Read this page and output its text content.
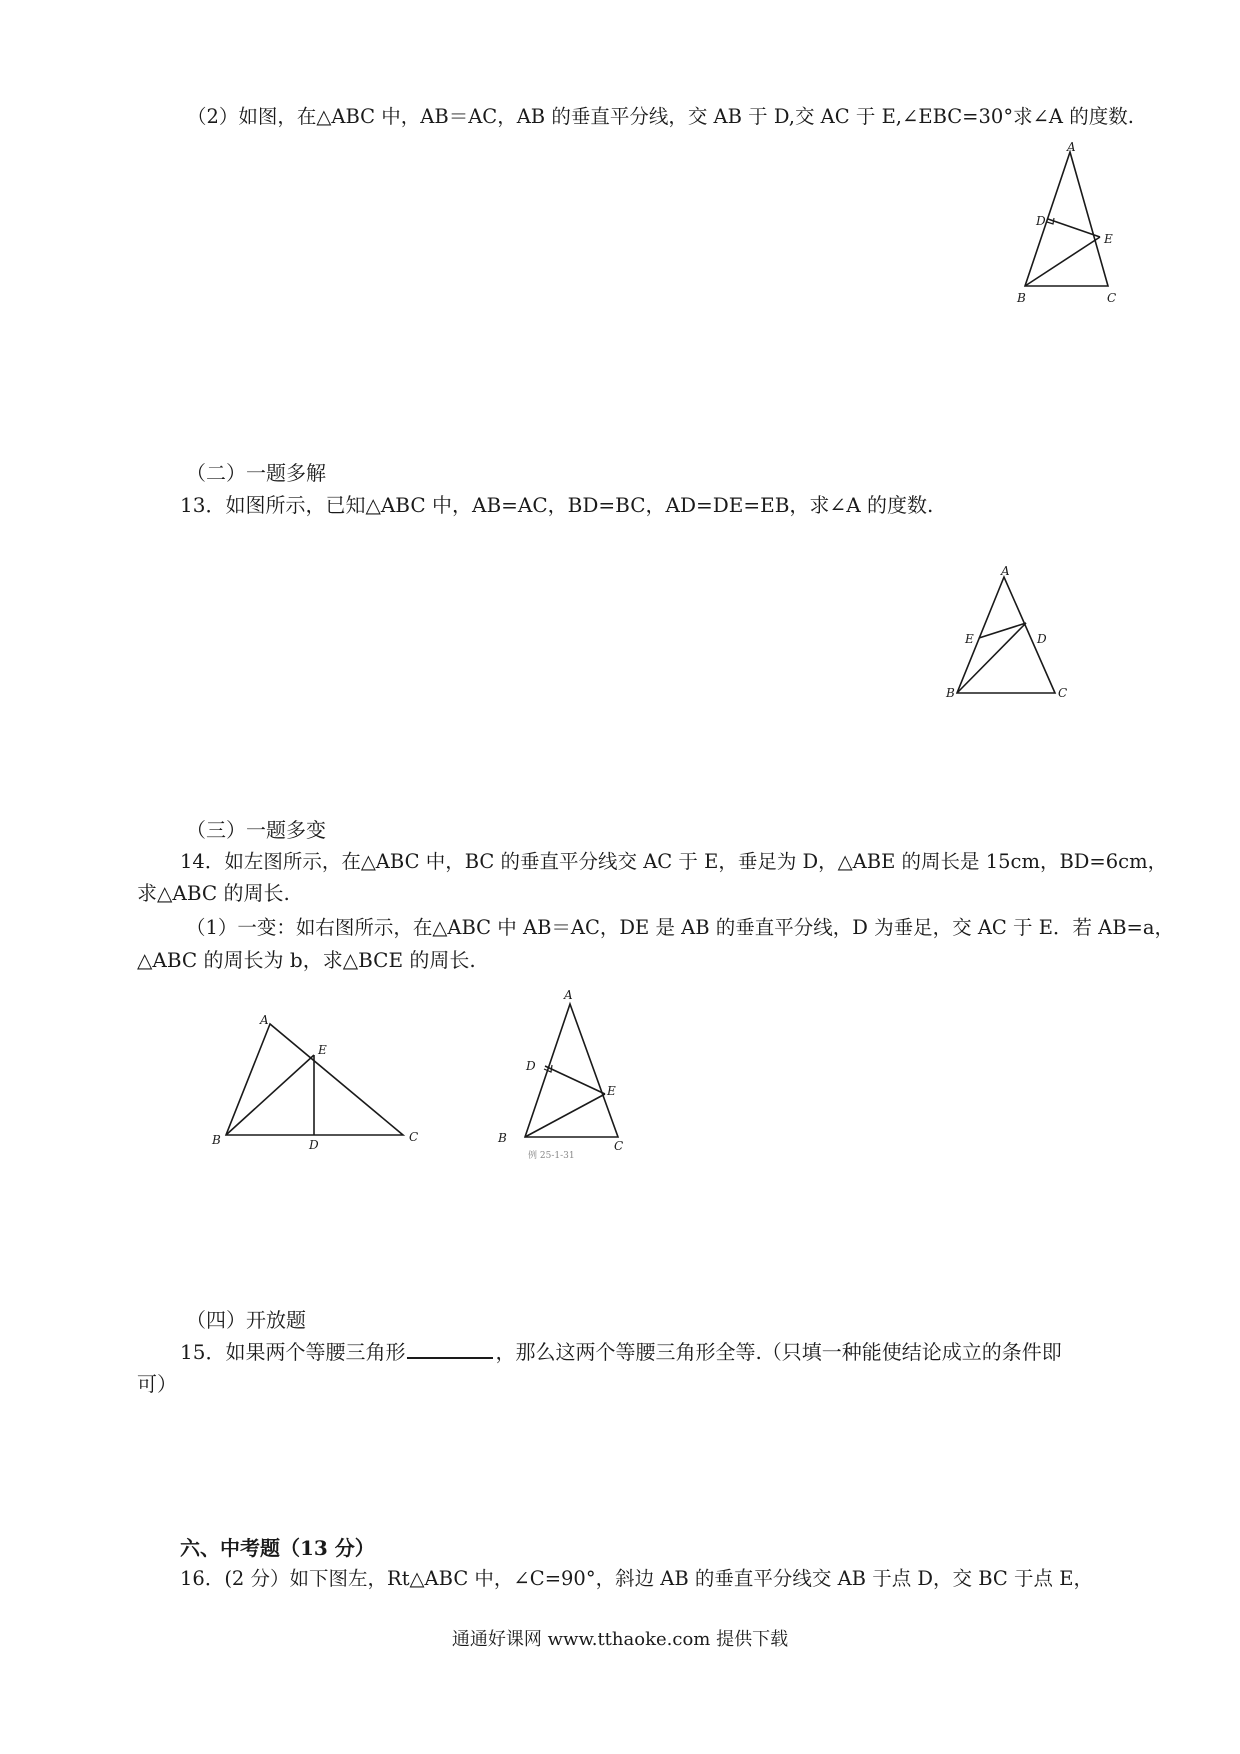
（2）如图，在△ABC 中，AB＝AC，AB 的垂直平分线，交 AB 于 D,交 AC 于 E,∠EBC=30°求∠A 的度数.
A
D
E
B	C
（二）一题多解
13．如图所示，已知△ABC 中，AB=AC，BD=BC，AD=DE=EB，求∠A 的度数.
A
E	D
B	C
（三）一题多变
14．如左图所示，在△ABC 中，BC 的垂直平分线交 AC 于 E，垂足为 D，△ABE 的周长是 15cm，BD=6cm，
求△ABC 的周长.
（1）一变：如右图所示，在△ABC 中 AB＝AC，DE 是 AB 的垂直平分线，D 为垂足，交 AC 于 E．若 AB=a，
△ABC 的周长为 b，求△BCE 的周长.
A
E
B	D
C
A
D
E
B
C
例 25-1-31
（四）开放题
15．如果两个等腰三角形	，那么这两个等腰三角形全等.（只填一种能使结论成立的条件即
可）
六、中考题（13 分）
16．(2 分）如下图左，Rt△ABC 中，∠C=90°，斜边 AB 的垂直平分线交 AB 于点 D，交 BC 于点 E，
通通好课网 www.tthaoke.com 提供下载
